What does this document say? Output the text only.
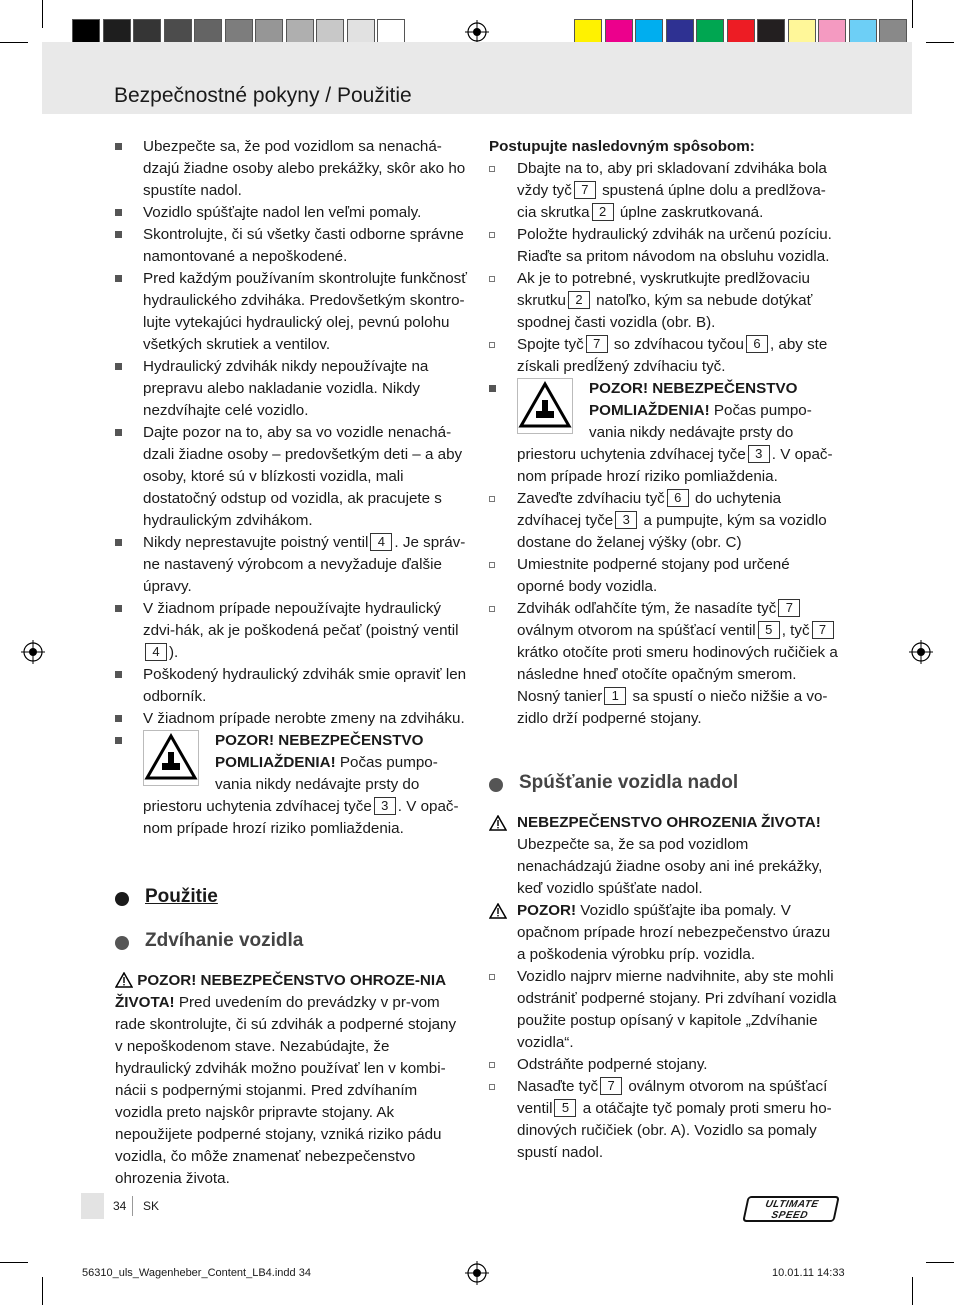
Bezpečnostné pokyny / Použitie
Ubezpečte sa, že pod vozidlom sa nenachá-dzajú žiadne osoby alebo prekážky, skôr ako ho spustíte nadol.
Vozidlo spúšťajte nadol len veľmi pomaly.
Skontrolujte, či sú všetky časti odborne správne namontované a nepoškodené.
Pred každým používaním skontrolujte funkčnosť hydraulického zdviháka. Predovšetkým skontro-lujte vytekajúci hydraulický olej, pevnú polohu všetkých skrutiek a ventilov.
Hydraulický zdvihák nikdy nepoužívajte na prepravu alebo nakladanie vozidla. Nikdy nezdvíhajte celé vozidlo.
Dajte pozor na to, aby sa vo vozidle nenachá-dzali žiadne osoby – predovšetkým deti – a aby osoby, ktoré sú v blízkosti vozidla, mali dostatočný odstup od vozidla, ak pracujete s hydraulickým zdvihákom.
Nikdy neprestavujte poistný ventil 4 . Je správ-ne nastavený výrobcom a nevyžaduje ďalšie úpravy.
V žiadnom prípade nepoužívajte hydraulický zdvi-hák, ak je poškodená pečať (poistný ventil4 ).
Poškodený hydraulický zdvihák smie opraviť len odborník.
V žiadnom prípade nerobte zmeny na zdviháku.
POZOR! NEBEZPEČENSTVO POMLIAŽDENIA! Počas pumpo-vania nikdy nedávajte prsty do priestoru uchytenia zdvíhacej tyče 3 . V opač-nom prípade hrozí riziko pomliaždenia.
Použitie
Zdvíhanie vozidla
POZOR! NEBEZPEČENSTVO OHROZE-NIA ŽIVOTA! Pred uvedením do prevádzky v pr-vom rade skontrolujte, či sú zdvihák a podperné stojany v nepoškodenom stave. Nezabúdajte, že hydraulický zdvihák možno používať len v kombi-nácii s podpernými stojanmi. Pred zdvíhaním vozidla preto najskôr pripravte stojany. Ak nepoužijete podperné stojany, vzniká riziko pádu vozidla, čo môže znamenať nebezpečenstvo ohrozenia života.
Postupujte nasledovným spôsobom:
Dbajte na to, aby pri skladovaní zdviháka bola vždy tyč 7 spustená úplne dolu a predlžova-cia skrutka 2 úplne zaskrutkovaná.
Položte hydraulický zdvihák na určenú pozíciu. Riaďte sa pritom návodom na obsluhu vozidla.
Ak je to potrebné, vyskrutkujte predlžovaciu skrutku 2 natoľko, kým sa nebude dotýkať spodnej časti vozidla (obr. B).
Spojte tyč 7 so zdvíhacou tyčou 6 , aby ste získali predĺžený zdvíhaciu tyč.
POZOR! NEBEZPEČENSTVO POMLIAŽDENIA! Počas pumpo-vania nikdy nedávajte prsty do priestoru uchytenia zdvíhacej tyče 3 . V opač-nom prípade hrozí riziko pomliaždenia.
Zaveďte zdvíhaciu tyč 6 do uchytenia zdvíhacej tyče 3 a pumpujte, kým sa vozidlo dostane do želanej výšky (obr. C)
Umiestnite podperné stojany pod určené oporné body vozidla.
Zdvihák odľahčíte tým, že nasadíte tyč 7 oválnym otvorom na spúšťací ventil 5 , tyč 7 krátko otočíte proti smeru hodinových ručičiek a následne hneď otočíte opačným smerom. Nosný tanier 1 sa spustí o niečo nižšie a vo-zidlo drží podperné stojany.
Spúšťanie vozidla nadol
NEBEZPEČENSTVO OHROZENIA ŽIVOTA! Ubezpečte sa, že sa pod vozidlom nenachádzajú žiadne osoby ani iné prekážky, keď vozidlo spúšťate nadol.
POZOR! Vozidlo spúšťajte iba pomaly. V opačnom prípade hrozí nebezpečenstvo úrazu a poškodenia výrobku príp. vozidla.
Vozidlo najprv mierne nadvihnite, aby ste mohli odstrániť podperné stojany. Pri zdvíhaní vozidla použite postup opísaný v kapitole „Zdvíhanie vozidla“.
Odstráňte podperné stojany.
Nasaďte tyč 7 oválnym otvorom na spúšťací ventil 5 a otáčajte tyč pomaly proti smeru ho-dinových ručičiek (obr. A). Vozidlo sa pomaly spustí nadol.
34 SK	ULTIMATE
SPEED
56310_uls_Wagenheber_Content_LB4.indd 34	10.01.11 14:33
